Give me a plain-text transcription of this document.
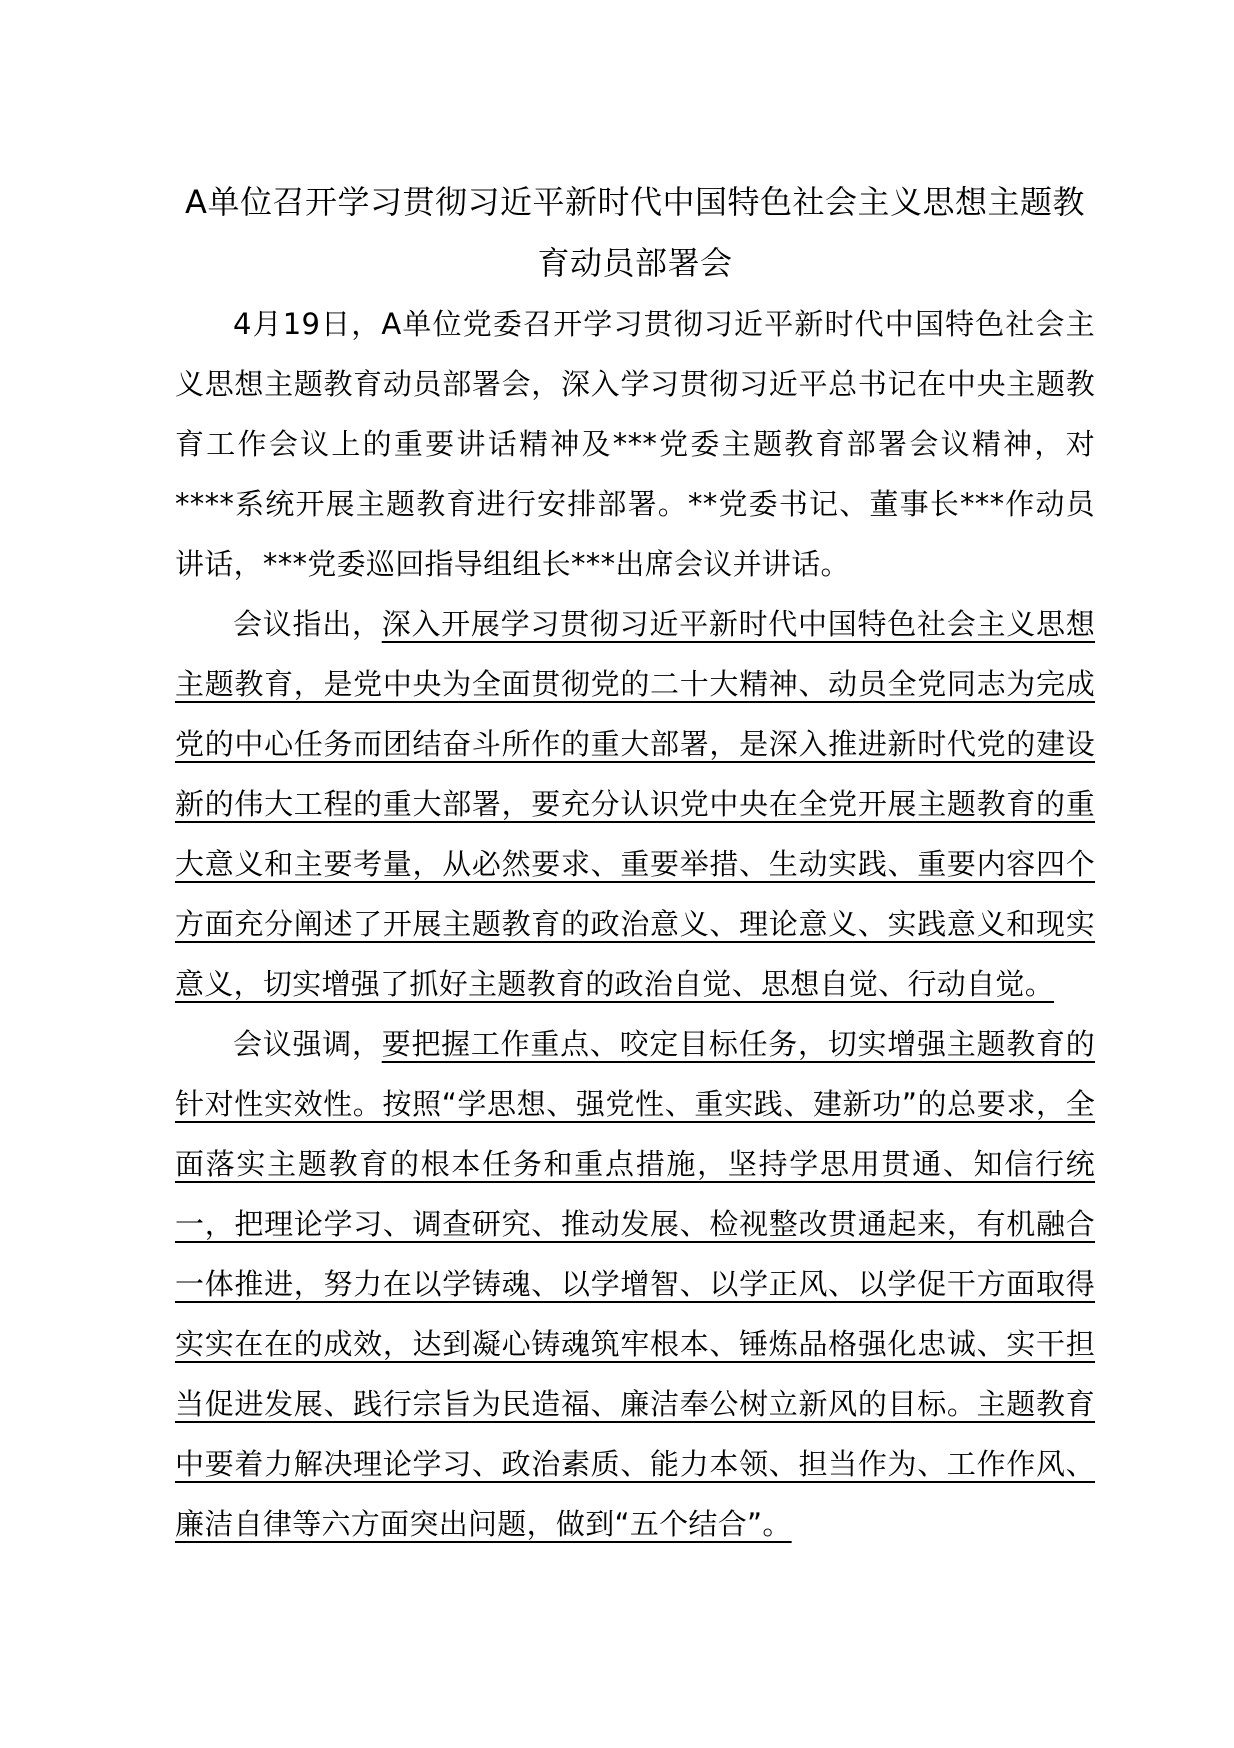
A单位召开学习贯彻习近平新时代中国特色社会主义思想主题教育动员部署会

4月19日，A单位党委召开学习贯彻习近平新时代中国特色社会主义思想主题教育动员部署会，深入学习贯彻习近平总书记在中央主题教育工作会议上的重要讲话精神及***党委主题教育部署会议精神，对****系统开展主题教育进行安排部署。**党委书记、董事长***作动员讲话，***党委巡回指导组组长***出席会议并讲话。

会议指出，深入开展学习贯彻习近平新时代中国特色社会主义思想主题教育，是党中央为全面贯彻党的二十大精神、动员全党同志为完成党的中心任务而团结奋斗所作的重大部署，是深入推进新时代党的建设新的伟大工程的重大部署，要充分认识党中央在全党开展主题教育的重大意义和主要考量，从必然要求、重要举措、生动实践、重要内容四个方面充分阐述了开展主题教育的政治意义、理论意义、实践意义和现实意义，切实增强了抓好主题教育的政治自觉、思想自觉、行动自觉。

会议强调，要把握工作重点、咬定目标任务，切实增强主题教育的针对性实效性。按照“学思想、强党性、重实践、建新功”的总要求，全面落实主题教育的根本任务和重点措施，坚持学思用贯通、知信行统一，把理论学习、调查研究、推动发展、检视整改贯通起来，有机融合一体推进，努力在以学铸魂、以学增智、以学正风、以学促干方面取得实实在在的成效，达到凝心铸魂筑牢根本、锤炼品格强化忠诚、实干担当促进发展、践行宗旨为民造福、廉洁奉公树立新风的目标。主题教育中要着力解决理论学习、政治素质、能力本领、担当作为、工作作风、廉洁自律等六方面突出问题，做到“五个结合”。
